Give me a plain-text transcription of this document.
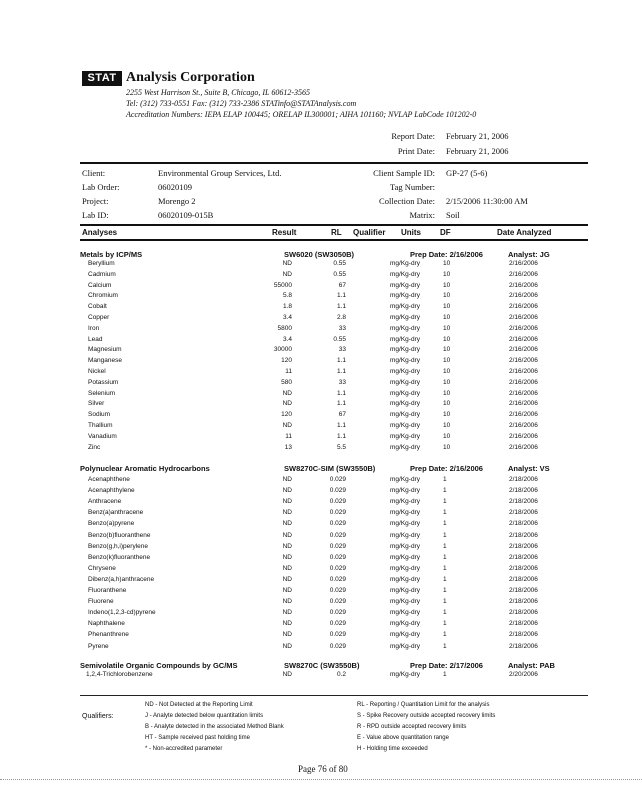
STAT Analysis Corporation
2255 West Harrison St., Suite B, Chicago, IL 60612-3565
Tel: (312) 733-0551 Fax: (312) 733-2386 STATinfo@STATAnalysis.com
Accreditation Numbers: IEPA ELAP 100445; ORELAP IL300001; AIHA 101160; NVLAP LabCode 101202-0
Report Date: February 21, 2006
Print Date: February 21, 2006
Client:	Environmental Group Services, Ltd.
Lab Order:	06020109
Project:	Morengo 2
Lab ID:	06020109-015B
Client Sample ID: GP-27 (5-6)
Tag Number:
Collection Date: 2/15/2006 11:30:00 AM
Matrix: Soil
Analyses	Result	RL Qualifier Units DF	Date Analyzed
Metals by ICP/MS	SW6020 (SW3050B)	Prep Date: 2/16/2006	Analyst: JG
Beryllium	ND	0.55	mg/Kg-dry	10	2/16/2006
Cadmium	ND	0.55	mg/Kg-dry	10	2/16/2006
Calcium	55000	67	mg/Kg-dry	10	2/16/2006
Chromium	5.8	1.1	mg/Kg-dry	10	2/16/2006
Cobalt	1.8	1.1	mg/Kg-dry	10	2/16/2006
Copper	3.4	2.8	mg/Kg-dry	10	2/16/2006
Iron	5800	33	mg/Kg-dry	10	2/16/2006
Lead	3.4	0.55	mg/Kg-dry	10	2/16/2006
Magnesium	30000	33	mg/Kg-dry	10	2/16/2006
Manganese	120	1.1	mg/Kg-dry	10	2/16/2006
Nickel	11	1.1	mg/Kg-dry	10	2/16/2006
Potassium	580	33	mg/Kg-dry	10	2/16/2006
Selenium	ND	1.1	mg/Kg-dry	10	2/16/2006
Silver	ND	1.1	mg/Kg-dry	10	2/16/2006
Sodium	120	67	mg/Kg-dry	10	2/16/2006
Thallium	ND	1.1	mg/Kg-dry	10	2/16/2006
Vanadium	11	1.1	mg/Kg-dry	10	2/16/2006
Zinc	13	5.5	mg/Kg-dry	10	2/16/2006
Polynuclear Aromatic Hydrocarbons	SW8270C-SIM (SW3550B)	Prep Date: 2/16/2006	Analyst: VS
Acenaphthene	ND	0.029	mg/Kg-dry	1	2/18/2006
Acenaphthylene	ND	0.029	mg/Kg-dry	1	2/18/2006
Anthracene	ND	0.029	mg/Kg-dry	1	2/18/2006
Benz(a)anthracene	ND	0.029	mg/Kg-dry	1	2/18/2006
Benzo(a)pyrene	ND	0.029	mg/Kg-dry	1	2/18/2006
Benzo(b)fluoranthene	ND	0.029	mg/Kg-dry	1	2/18/2006
Benzo(g,h,i)perylene	ND	0.029	mg/Kg-dry	1	2/18/2006
Benzo(k)fluoranthene	ND	0.029	mg/Kg-dry	1	2/18/2006
Chrysene	ND	0.029	mg/Kg-dry	1	2/18/2006
Dibenz(a,h)anthracene	ND	0.029	mg/Kg-dry	1	2/18/2006
Fluoranthene	ND	0.029	mg/Kg-dry	1	2/18/2006
Fluorene	ND	0.029	mg/Kg-dry	1	2/18/2006
Indeno(1,2,3-cd)pyrene	ND	0.029	mg/Kg-dry	1	2/18/2006
Naphthalene	ND	0.029	mg/Kg-dry	1	2/18/2006
Phenanthrene	ND	0.029	mg/Kg-dry	1	2/18/2006
Pyrene	ND	0.029	mg/Kg-dry	1	2/18/2006
Semivolatile Organic Compounds by GC/MS	SW8270C (SW3550B)	Prep Date: 2/17/2006	Analyst: PAB
1,2,4-Trichlorobenzene	ND	0.2	mg/Kg-dry	1	2/20/2006
Qualifiers:
ND - Not Detected at the Reporting Limit
J - Analyte detected below quantitation limits
B - Analyte detected in the associated Method Blank
HT - Sample received past holding time
* - Non-accredited parameter
RL - Reporting / Quantitation Limit for the analysis
S - Spike Recovery outside accepted recovery limits
R - RPD outside accepted recovery limits
E - Value above quantitation range
H - Holding time exceeded
Page 76 of 80
